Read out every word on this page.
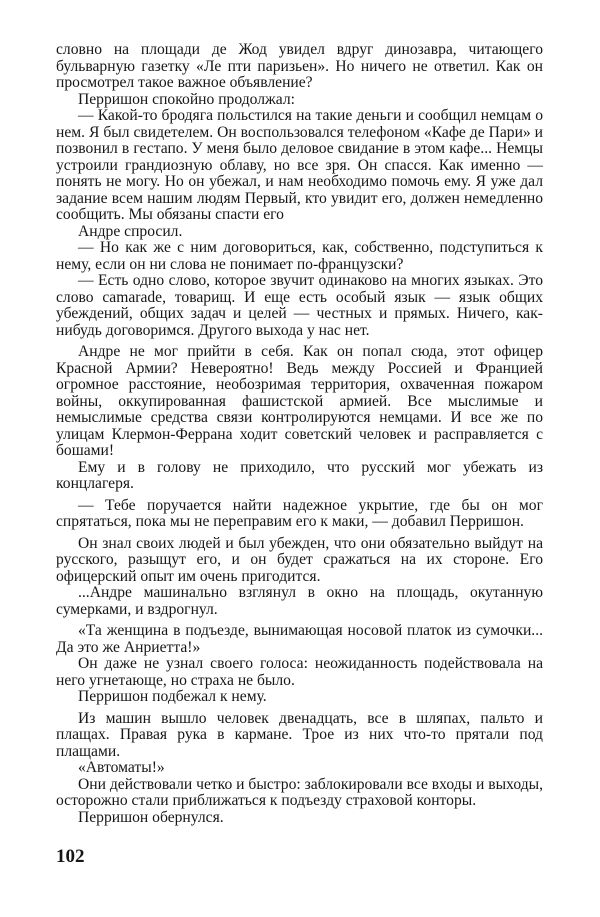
словно на площади де Жод увидел вдруг динозавра, читающего бульварную газетку «Ле пти паризьен». Но ничего не ответил. Как он просмотрел такое важное объявление?

Перришон спокойно продолжал:

— Какой-то бродяга польстился на такие деньги и сообщил немцам о нем. Я был свидетелем. Он воспользовался телефоном «Кафе де Пари» и позвонил в гестапо. У меня было деловое свидание в этом кафе... Немцы устроили грандиозную облаву, но все зря. Он спасся. Как именно — понять не могу. Но он убежал, и нам необходимо помочь ему. Я уже дал задание всем нашим людям Первый, кто увидит его, должен немедленно сообщить. Мы обязаны спасти его

Андре спросил.

— Но как же с ним договориться, как, собственно, подступиться к нему, если он ни слова не понимает по-французски?

— Есть одно слово, которое звучит одинаково на многих языках. Это слово camarade, товарищ. И еще есть особый язык — язык общих убеждений, общих задач и целей — честных и прямых. Ничего, как-нибудь договоримся. Другого выхода у нас нет.

Андре не мог прийти в себя. Как он попал сюда, этот офицер Красной Армии? Невероятно! Ведь между Россией и Францией огромное расстояние, необозримая территория, охваченная пожаром войны, оккупированная фашистской армией. Все мыслимые и немыслимые средства связи контролируются немцами. И все же по улицам Клермон-Феррана ходит советский человек и расправляется с бошами!

Ему и в голову не приходило, что русский мог убежать из концлагеря.

— Тебе поручается найти надежное укрытие, где бы он мог спрятаться, пока мы не переправим его к маки, — добавил Перришон.

Он знал своих людей и был убежден, что они обязательно выйдут на русского, разыщут его, и он будет сражаться на их стороне. Его офицерский опыт им очень пригодится.

...Андре машинально взглянул в окно на площадь, окутанную сумерками, и вздрогнул.

«Та женщина в подъезде, вынимающая носовой платок из сумочки... Да это же Анриетта!»

Он даже не узнал своего голоса: неожиданность подействовала на него угнетающе, но страха не было.

Перришон подбежал к нему.

Из машин вышло человек двенадцать, все в шляпах, пальто и плащах. Правая рука в кармане. Трое из них что-то прятали под плащами.

«Автоматы!»

Они действовали четко и быстро: заблокировали все входы и выходы, осторожно стали приближаться к подъезду страховой конторы.

Перришон обернулся.

102
